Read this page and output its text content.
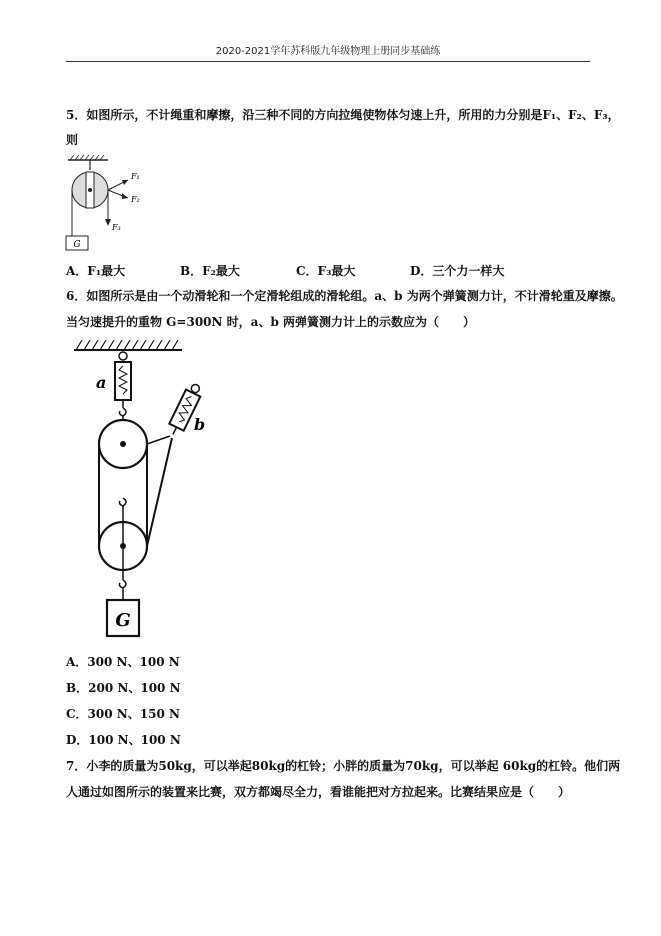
2020-2021学年苏科版九年级物理上册同步基础练
5．如图所示，不计绳重和摩擦，沿三种不同的方向拉绳使物体匀速上升，所用的力分别是F₁、F₂、F₃，
则
G
F₁
F₂
F₃
A．F₁最大	B．F₂最大	C．F₃最大	D．三个力一样大
6．如图所示是由一个动滑轮和一个定滑轮组成的滑轮组。a、b 为两个弹簧测力计，不计滑轮重及摩擦。
当匀速提升的重物 G=300N 时，a、b 两弹簧测力计上的示数应为（　　）
a
b
G
A．300 N、100 N
B．200 N、100 N
C．300 N、150 N
D．100 N、100 N
7．小李的质量为50kg，可以举起80kg的杠铃；小胖的质量为70kg，可以举起 60kg的杠铃。他们两
人通过如图所示的装置来比赛，双方都竭尽全力，看谁能把对方拉起来。比赛结果应是（　　）
